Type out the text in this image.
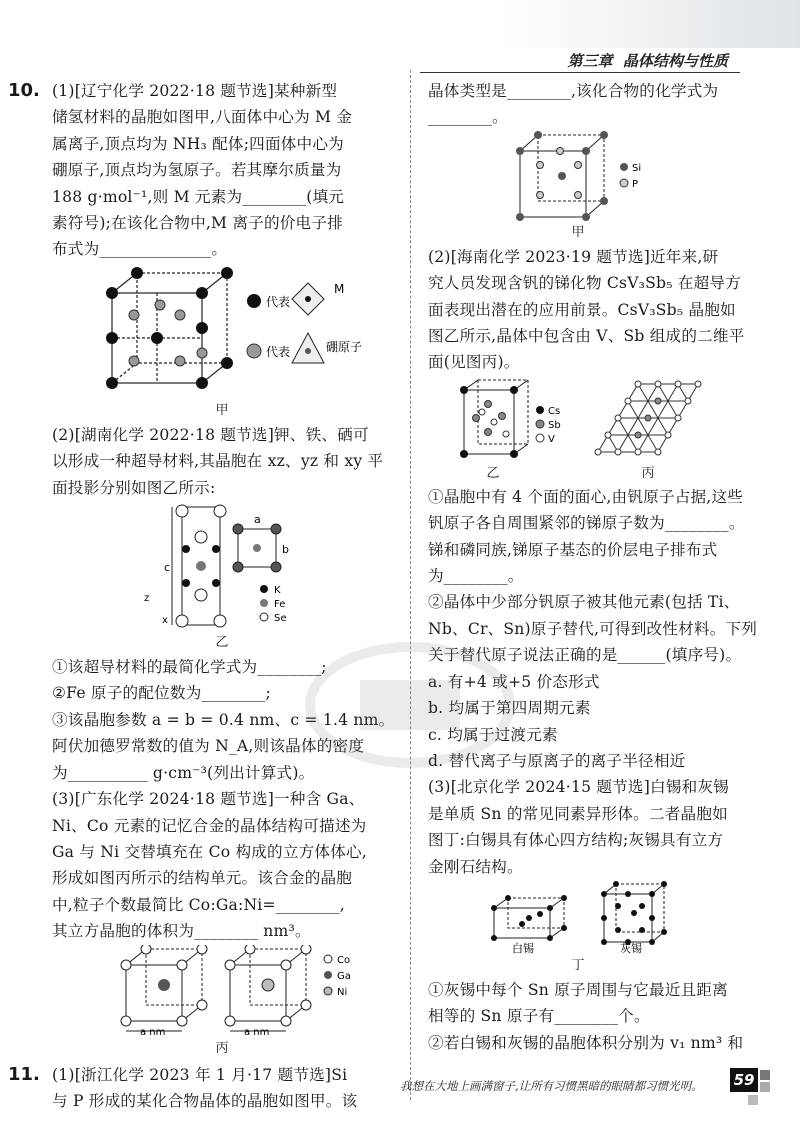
第三章 晶体结构与性质
10. (1)[辽宁化学 2022·18 题节选]某种新型
储氢材料的晶胞如图甲,八面体中心为 M 金
属离子,顶点均为 NH₃ 配体;四面体中心为
硼原子,顶点均为氢原子。若其摩尔质量为
188 g·mol⁻¹,则 M 元素为________(填元
素符号);在该化合物中,M 离子的价电子排
布式为______________。
代表
M
代表	硼原子
甲
(2)[湖南化学 2022·18 题节选]钾、铁、硒可
以形成一种超导材料,其晶胞在 xz、yz 和 xy 平
面投影分别如图乙所示:
c
a
b
z
x
K
Fe
Se
乙
①该超导材料的最简化学式为________;
②Fe 原子的配位数为________;
③该晶胞参数 a = b = 0.4 nm、c = 1.4 nm。
阿伏加德罗常数的值为 N_A,则该晶体的密度
为__________ g·cm⁻³(列出计算式)。
(3)[广东化学 2024·18 题节选]一种含 Ga、
Ni、Co 元素的记忆合金的晶体结构可描述为
Ga 与 Ni 交替填充在 Co 构成的立方体体心,
形成如图丙所示的结构单元。该合金的晶胞
中,粒子个数最简比 Co:Ga:Ni=________,
其立方晶胞的体积为________ nm³。
a nm	a nm
Co
Ga
Ni
丙
11. (1)[浙江化学 2023 年 1 月·17 题节选]Si
与 P 形成的某化合物晶体的晶胞如图甲。该
晶体类型是________,该化合物的化学式为
________。
Si
P
甲
(2)[海南化学 2023·19 题节选]近年来,研
究人员发现含钒的锑化物 CsV₃Sb₅ 在超导方
面表现出潜在的应用前景。CsV₃Sb₅ 晶胞如
图乙所示,晶体中包含由 V、Sb 组成的二维平
面(见图丙)。
Cs
Sb
V
乙	丙
①晶胞中有 4 个面的面心,由钒原子占据,这些
钒原子各自周围紧邻的锑原子数为________。
锑和磷同族,锑原子基态的价层电子排布式
为________。
②晶体中少部分钒原子被其他元素(包括 Ti、
Nb、Cr、Sn)原子替代,可得到改性材料。下列
关于替代原子说法正确的是______(填序号)。
a. 有+4 或+5 价态形式
b. 均属于第四周期元素
c. 均属于过渡元素
d. 替代离子与原离子的离子半径相近
(3)[北京化学 2024·15 题节选]白锡和灰锡
是单质 Sn 的常见同素异形体。二者晶胞如
图丁:白锡具有体心四方结构;灰锡具有立方
金刚石结构。
白锡	灰锡
丁
①灰锡中每个 Sn 原子周围与它最近且距离
相等的 Sn 原子有________个。
②若白锡和灰锡的晶胞体积分别为 v₁ nm³ 和
我想在大地上画满窗子,让所有习惯黑暗的眼睛都习惯光明。 59
